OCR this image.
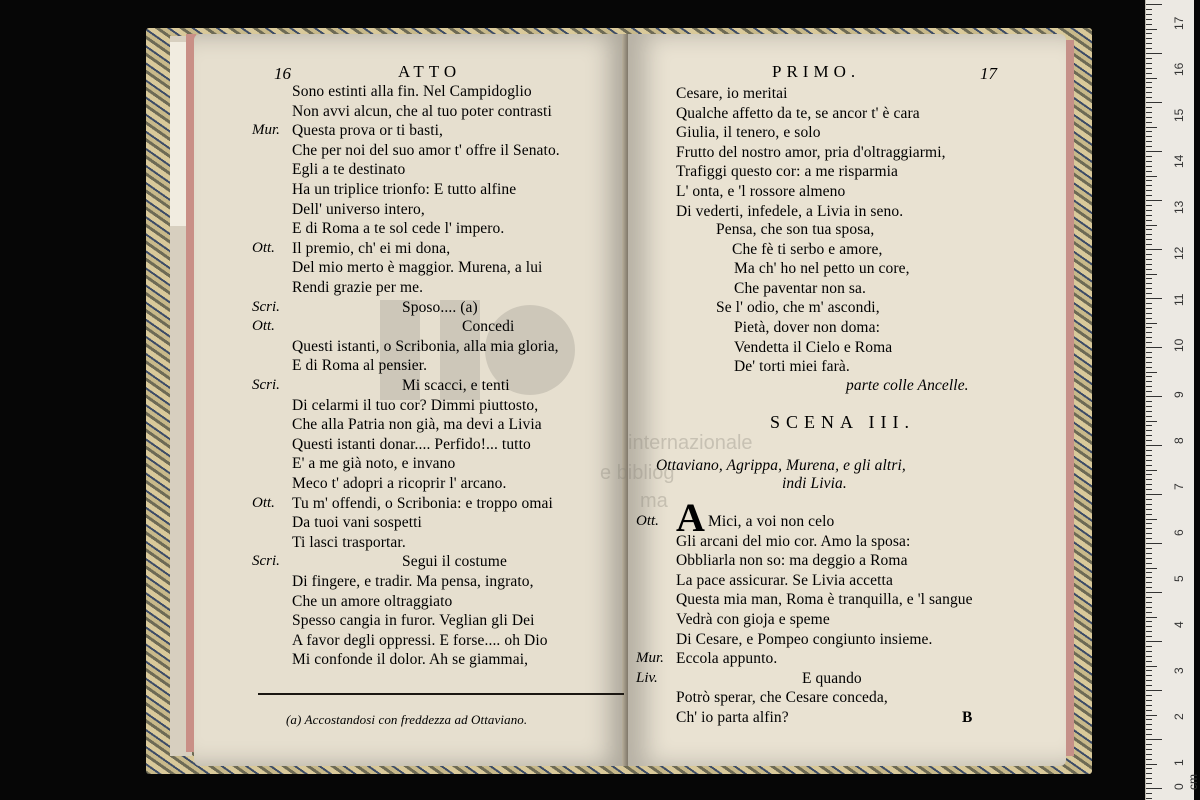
internazionale
e bibliog
ma
16	ATTO
Sono estinti alla fin. Nel Campidoglio
Non avvi alcun, che al tuo poter contrasti
Mur. Questa prova or ti basti,
Che per noi del suo amor t' offre il Senato.
Egli a te destinato
Ha un triplice trionfo: E tutto alfine
Dell' universo intero,
E di Roma a te sol cede l' impero.
Ott. Il premio, ch' ei mi dona,
Del mio merto è maggior. Murena, a lui
Rendi grazie per me.
Scri.	Sposo.... (a)
Ott.	Concedi
Questi istanti, o Scribonia, alla mia gloria,
E di Roma al pensier.
Scri.	Mi scacci, e tenti
Di celarmi il tuo cor? Dimmi piuttosto,
Che alla Patria non già, ma devi a Livia
Questi istanti donar.... Perfido!... tutto
E' a me già noto, e invano
Meco t' adopri a ricoprir l' arcano.
Ott. Tu m' offendi, o Scribonia: e troppo omai
Da tuoi vani sospetti
Ti lasci trasportar.
Scri.	Segui il costume
Di fingere, e tradir. Ma pensa, ingrato,
Che un amore oltraggiato
Spesso cangia in furor. Veglian gli Dei
A favor degli oppressi. E forse.... oh Dio
Mi confonde il dolor. Ah se giammai,
(a) Accostandosi con freddezza ad Ottaviano.
PRIMO.	17
Cesare, io meritai
Qualche affetto da te, se ancor t' è cara
Giulia, il tenero, e solo
Frutto del nostro amor, pria d'oltraggiarmi,
Trafiggi questo cor: a me risparmia
L' onta, e 'l rossore almeno
Di vederti, infedele, a Livia in seno.
Pensa, che son tua sposa,
Che fè ti serbo e amore,
Ma ch' ho nel petto un core,
Che paventar non sa.
Se l' odio, che m' ascondi,
Pietà, dover non doma:
Vendetta il Cielo e Roma
De' torti miei farà.
parte colle Ancelle.
SCENA III.
Ottaviano, Agrippa, Murena, e gli altri,
indi Livia.
Ott. A Mici, a voi non celo
Gli arcani del mio cor. Amo la sposa:
Obbliarla non so: ma deggio a Roma
La pace assicurar. Se Livia accetta
Questa mia man, Roma è tranquilla, e 'l sangue
Vedrà con gioja e speme
Di Cesare, e Pompeo congiunto insieme.
Mur. Eccola appunto.
Liv.	E quando
Potrò sperar, che Cesare conceda,
Ch' io parta alfin?	B
17
16
15
14
13
12
11
10
9
8
7
6
5
4
3
2
1
0 cm
